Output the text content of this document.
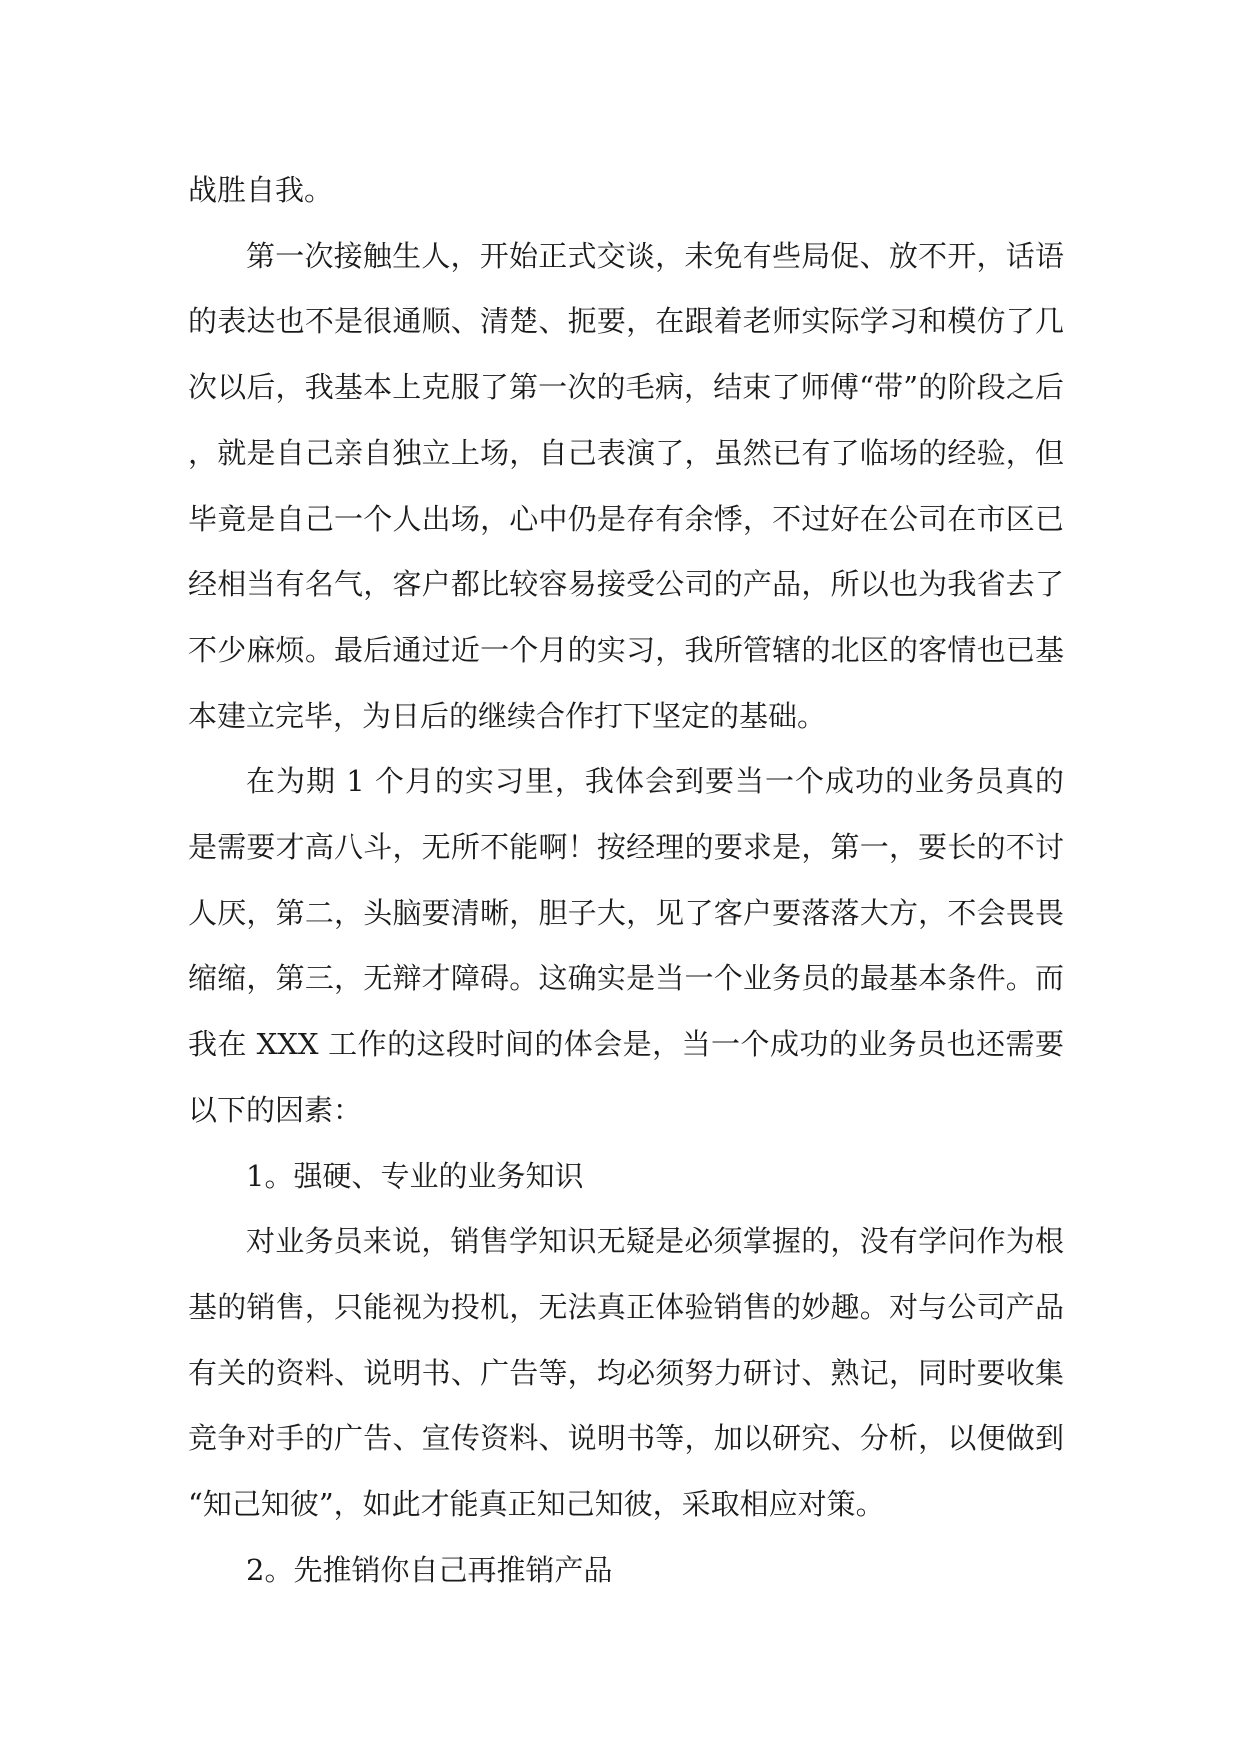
战胜自我。

第一次接触生人，开始正式交谈，未免有些局促、放不开，话语的表达也不是很通顺、清楚、扼要，在跟着老师实际学习和模仿了几次以后，我基本上克服了第一次的毛病，结束了师傅“带”的阶段之后，就是自己亲自独立上场，自己表演了，虽然已有了临场的经验，但毕竟是自己一个人出场，心中仍是存有余悸，不过好在公司在市区已经相当有名气，客户都比较容易接受公司的产品，所以也为我省去了不少麻烦。最后通过近一个月的实习，我所管辖的北区的客情也已基本建立完毕，为日后的继续合作打下坚定的基础。

在为期 1 个月的实习里，我体会到要当一个成功的业务员真的是需要才高八斗，无所不能啊！按经理的要求是，第一，要长的不讨人厌，第二，头脑要清晰，胆子大，见了客户要落落大方，不会畏畏缩缩，第三，无辩才障碍。这确实是当一个业务员的最基本条件。而我在 XXX 工作的这段时间的体会是，当一个成功的业务员也还需要以下的因素：

1。强硬、专业的业务知识

对业务员来说，销售学知识无疑是必须掌握的，没有学问作为根基的销售，只能视为投机，无法真正体验销售的妙趣。对与公司产品有关的资料、说明书、广告等，均必须努力研讨、熟记，同时要收集竞争对手的广告、宣传资料、说明书等，加以研究、分析，以便做到“知己知彼”，如此才能真正知己知彼，采取相应对策。

2。先推销你自己再推销产品
